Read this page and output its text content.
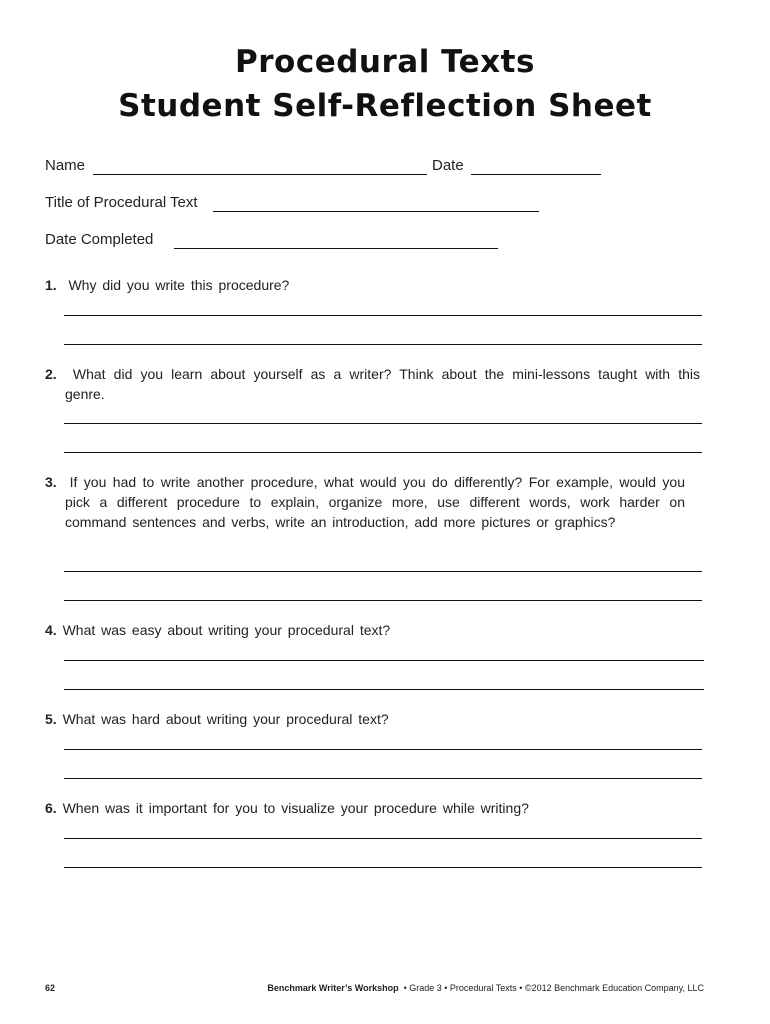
Procedural Texts
Student Self-Reflection Sheet
Name	Date
Title of Procedural Text
Date Completed
1. Why did you write this procedure?
2. What did you learn about yourself as a writer? Think about the mini-lessons taught with this genre.
3. If you had to write another procedure, what would you do differently? For example, would you pick a different procedure to explain, organize more, use different words, work harder on command sentences and verbs, write an introduction, add more pictures or graphics?
4. What was easy about writing your procedural text?
5. What was hard about writing your procedural text?
6. When was it important for you to visualize your procedure while writing?
62	Benchmark Writer’s Workshop • Grade 3 • Procedural Texts • ©2012 Benchmark Education Company, LLC
